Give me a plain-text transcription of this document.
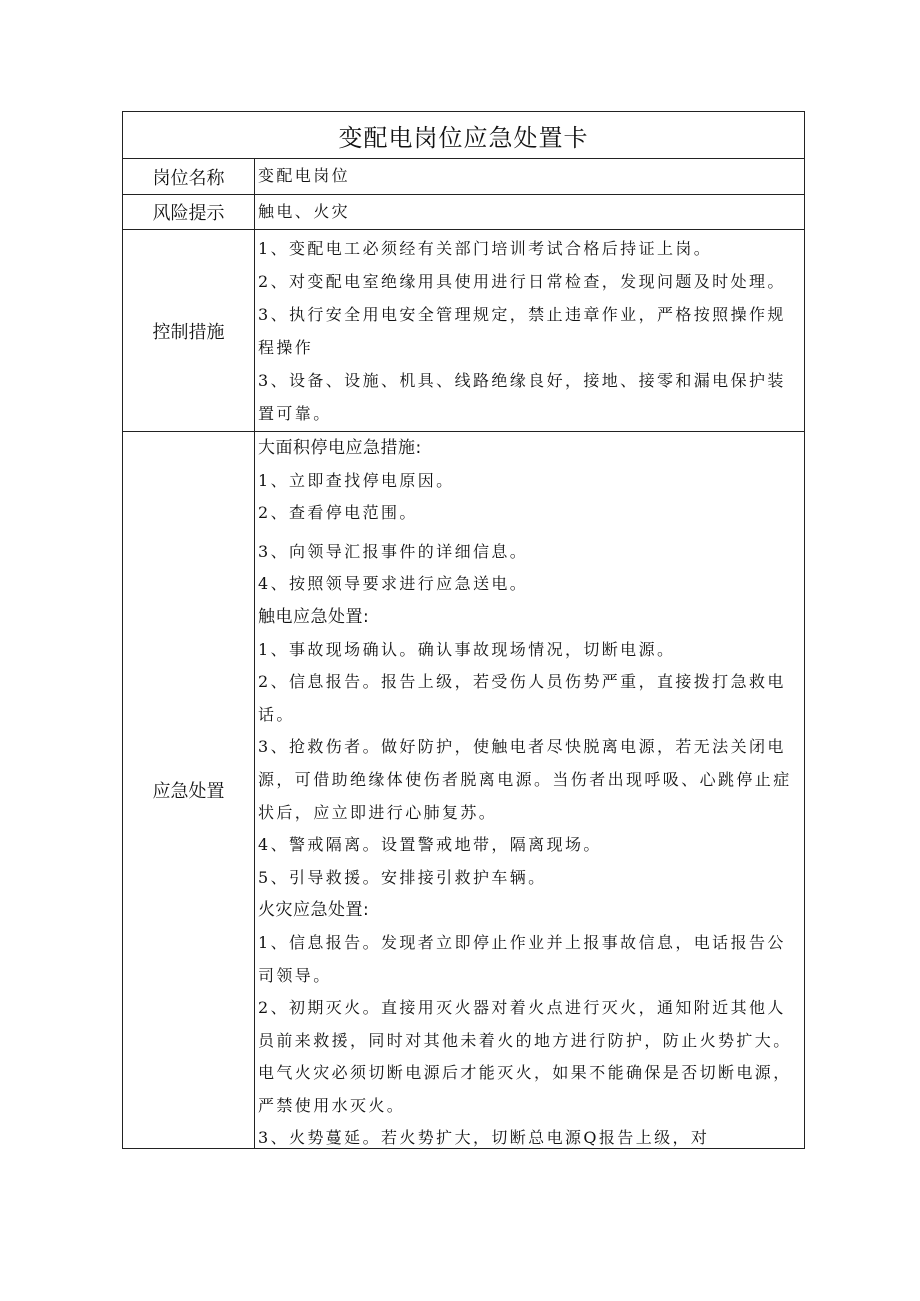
变配电岗位应急处置卡
岗位名称	变配电岗位
风险提示	触电、火灾
控制措施

1、变配电工必须经有关部门培训考试合格后持证上岗。

2、对变配电室绝缘用具使用进行日常检查，发现问题及时处理。

3、执行安全用电安全管理规定，禁止违章作业，严格按照操作规程操作

3、设备、设施、机具、线路绝缘良好，接地、接零和漏电保护装置可靠。

应急处置

大面积停电应急措施:

1、立即查找停电原因。

2、查看停电范围。

3、向领导汇报事件的详细信息。

4、按照领导要求进行应急送电。

触电应急处置:

1、事故现场确认。确认事故现场情况，切断电源。

2、信息报告。报告上级，若受伤人员伤势严重，直接拨打急救电话。

3、抢救伤者。做好防护，使触电者尽快脱离电源，若无法关闭电源，可借助绝缘体使伤者脱离电源。当伤者出现呼吸、心跳停止症状后，应立即进行心肺复苏。

4、警戒隔离。设置警戒地带，隔离现场。

5、引导救援。安排接引救护车辆。

火灾应急处置:

1、信息报告。发现者立即停止作业并上报事故信息，电话报告公司领导。

2、初期灭火。直接用灭火器对着火点进行灭火，通知附近其他人员前来救援，同时对其他未着火的地方进行防护，防止火势扩大。电气火灾必须切断电源后才能灭火，如果不能确保是否切断电源，严禁使用水灭火。

3、火势蔓延。若火势扩大，切断总电源Q报告上级，对
